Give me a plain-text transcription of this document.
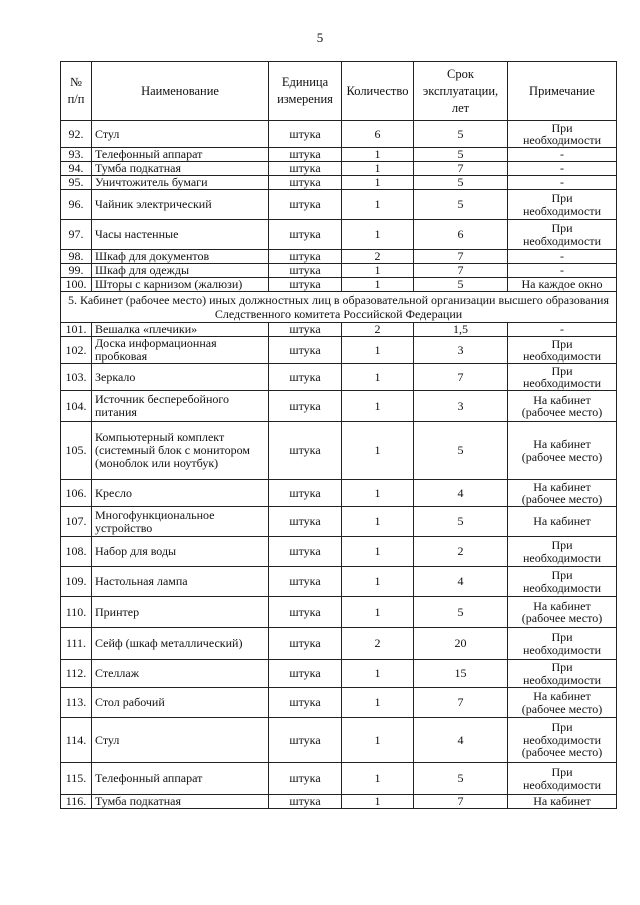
5
№ п/п	Наименование	Единица измерения	Количество	Срок эксплуатации, лет	Примечание
92.	Стул	штука	6	5	При необходимости
93.	Телефонный аппарат	штука	1	5	-
94.	Тумба подкатная	штука	1	7	-
95.	Уничтожитель бумаги	штука	1	5	-
96.	Чайник электрический	штука	1	5	При необходимости
97.	Часы настенные	штука	1	6	При необходимости
98.	Шкаф для документов	штука	2	7	-
99.	Шкаф для одежды	штука	1	7	-
100.	Шторы с карнизом (жалюзи)	штука	1	5	На каждое окно
5. Кабинет (рабочее место) иных должностных лиц в образовательной организации высшего образования Следственного комитета Российской Федерации					
101.	Вешалка «плечики»	штука	2	1,5	-
102.	Доска информационная пробковая	штука	1	3	При необходимости
103.	Зеркало	штука	1	7	При необходимости
104.	Источник бесперебойного питания	штука	1	3	На кабинет (рабочее место)
105.	Компьютерный комплект (системный блок с монитором (моноблок или ноутбук)	штука	1	5	На кабинет (рабочее место)
106.	Кресло	штука	1	4	На кабинет (рабочее место)
107.	Многофункциональное устройство	штука	1	5	На кабинет
108.	Набор для воды	штука	1	2	При необходимости
109.	Настольная лампа	штука	1	4	При необходимости
110.	Принтер	штука	1	5	На кабинет (рабочее место)
111.	Сейф (шкаф металлический)	штука	2	20	При необходимости
112.	Стеллаж	штука	1	15	При необходимости
113.	Стол рабочий	штука	1	7	На кабинет (рабочее место)
114.	Стул	штука	1	4	При необходимости (рабочее место)
115.	Телефонный аппарат	штука	1	5	При необходимости
116.	Тумба подкатная	штука	1	7	На кабинет
